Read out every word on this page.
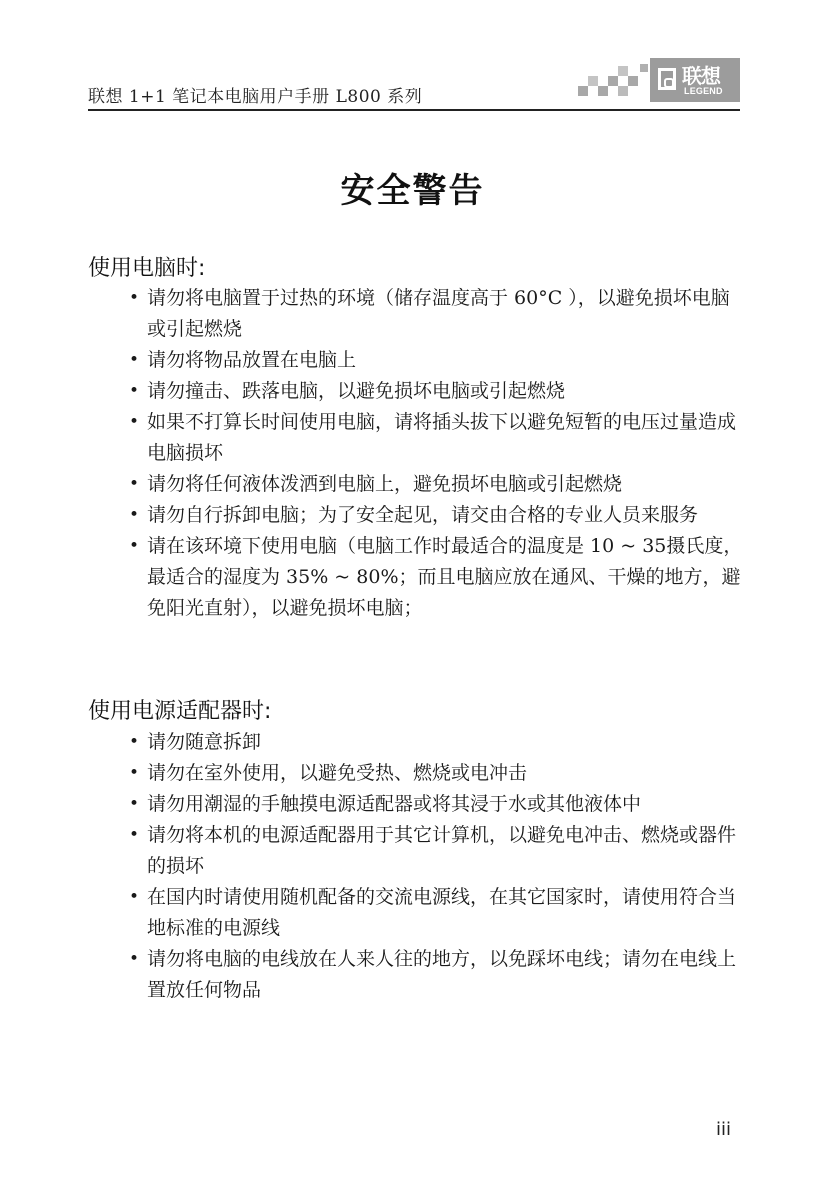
联想 1+1 笔记本电脑用户手册 L800 系列
联想
LEGEND
安全警告
使用电脑时:
• 请勿将电脑置于过热的环境（储存温度高于 60°C ），以避免损坏电脑或引起燃烧
• 请勿将物品放置在电脑上
• 请勿撞击、跌落电脑，以避免损坏电脑或引起燃烧
• 如果不打算长时间使用电脑，请将插头拔下以避免短暂的电压过量造成电脑损坏
• 请勿将任何液体泼洒到电脑上，避免损坏电脑或引起燃烧
• 请勿自行拆卸电脑；为了安全起见，请交由合格的专业人员来服务
• 请在该环境下使用电脑（电脑工作时最适合的温度是 10 ~ 35摄氏度，最适合的湿度为 35% ~ 80%；而且电脑应放在通风、干燥的地方，避免阳光直射），以避免损坏电脑；
使用电源适配器时:
• 请勿随意拆卸
• 请勿在室外使用，以避免受热、燃烧或电冲击
• 请勿用潮湿的手触摸电源适配器或将其浸于水或其他液体中
• 请勿将本机的电源适配器用于其它计算机，以避免电冲击、燃烧或器件的损坏
• 在国内时请使用随机配备的交流电源线，在其它国家时，请使用符合当地标准的电源线
• 请勿将电脑的电线放在人来人往的地方，以免踩坏电线；请勿在电线上置放任何物品
iii
